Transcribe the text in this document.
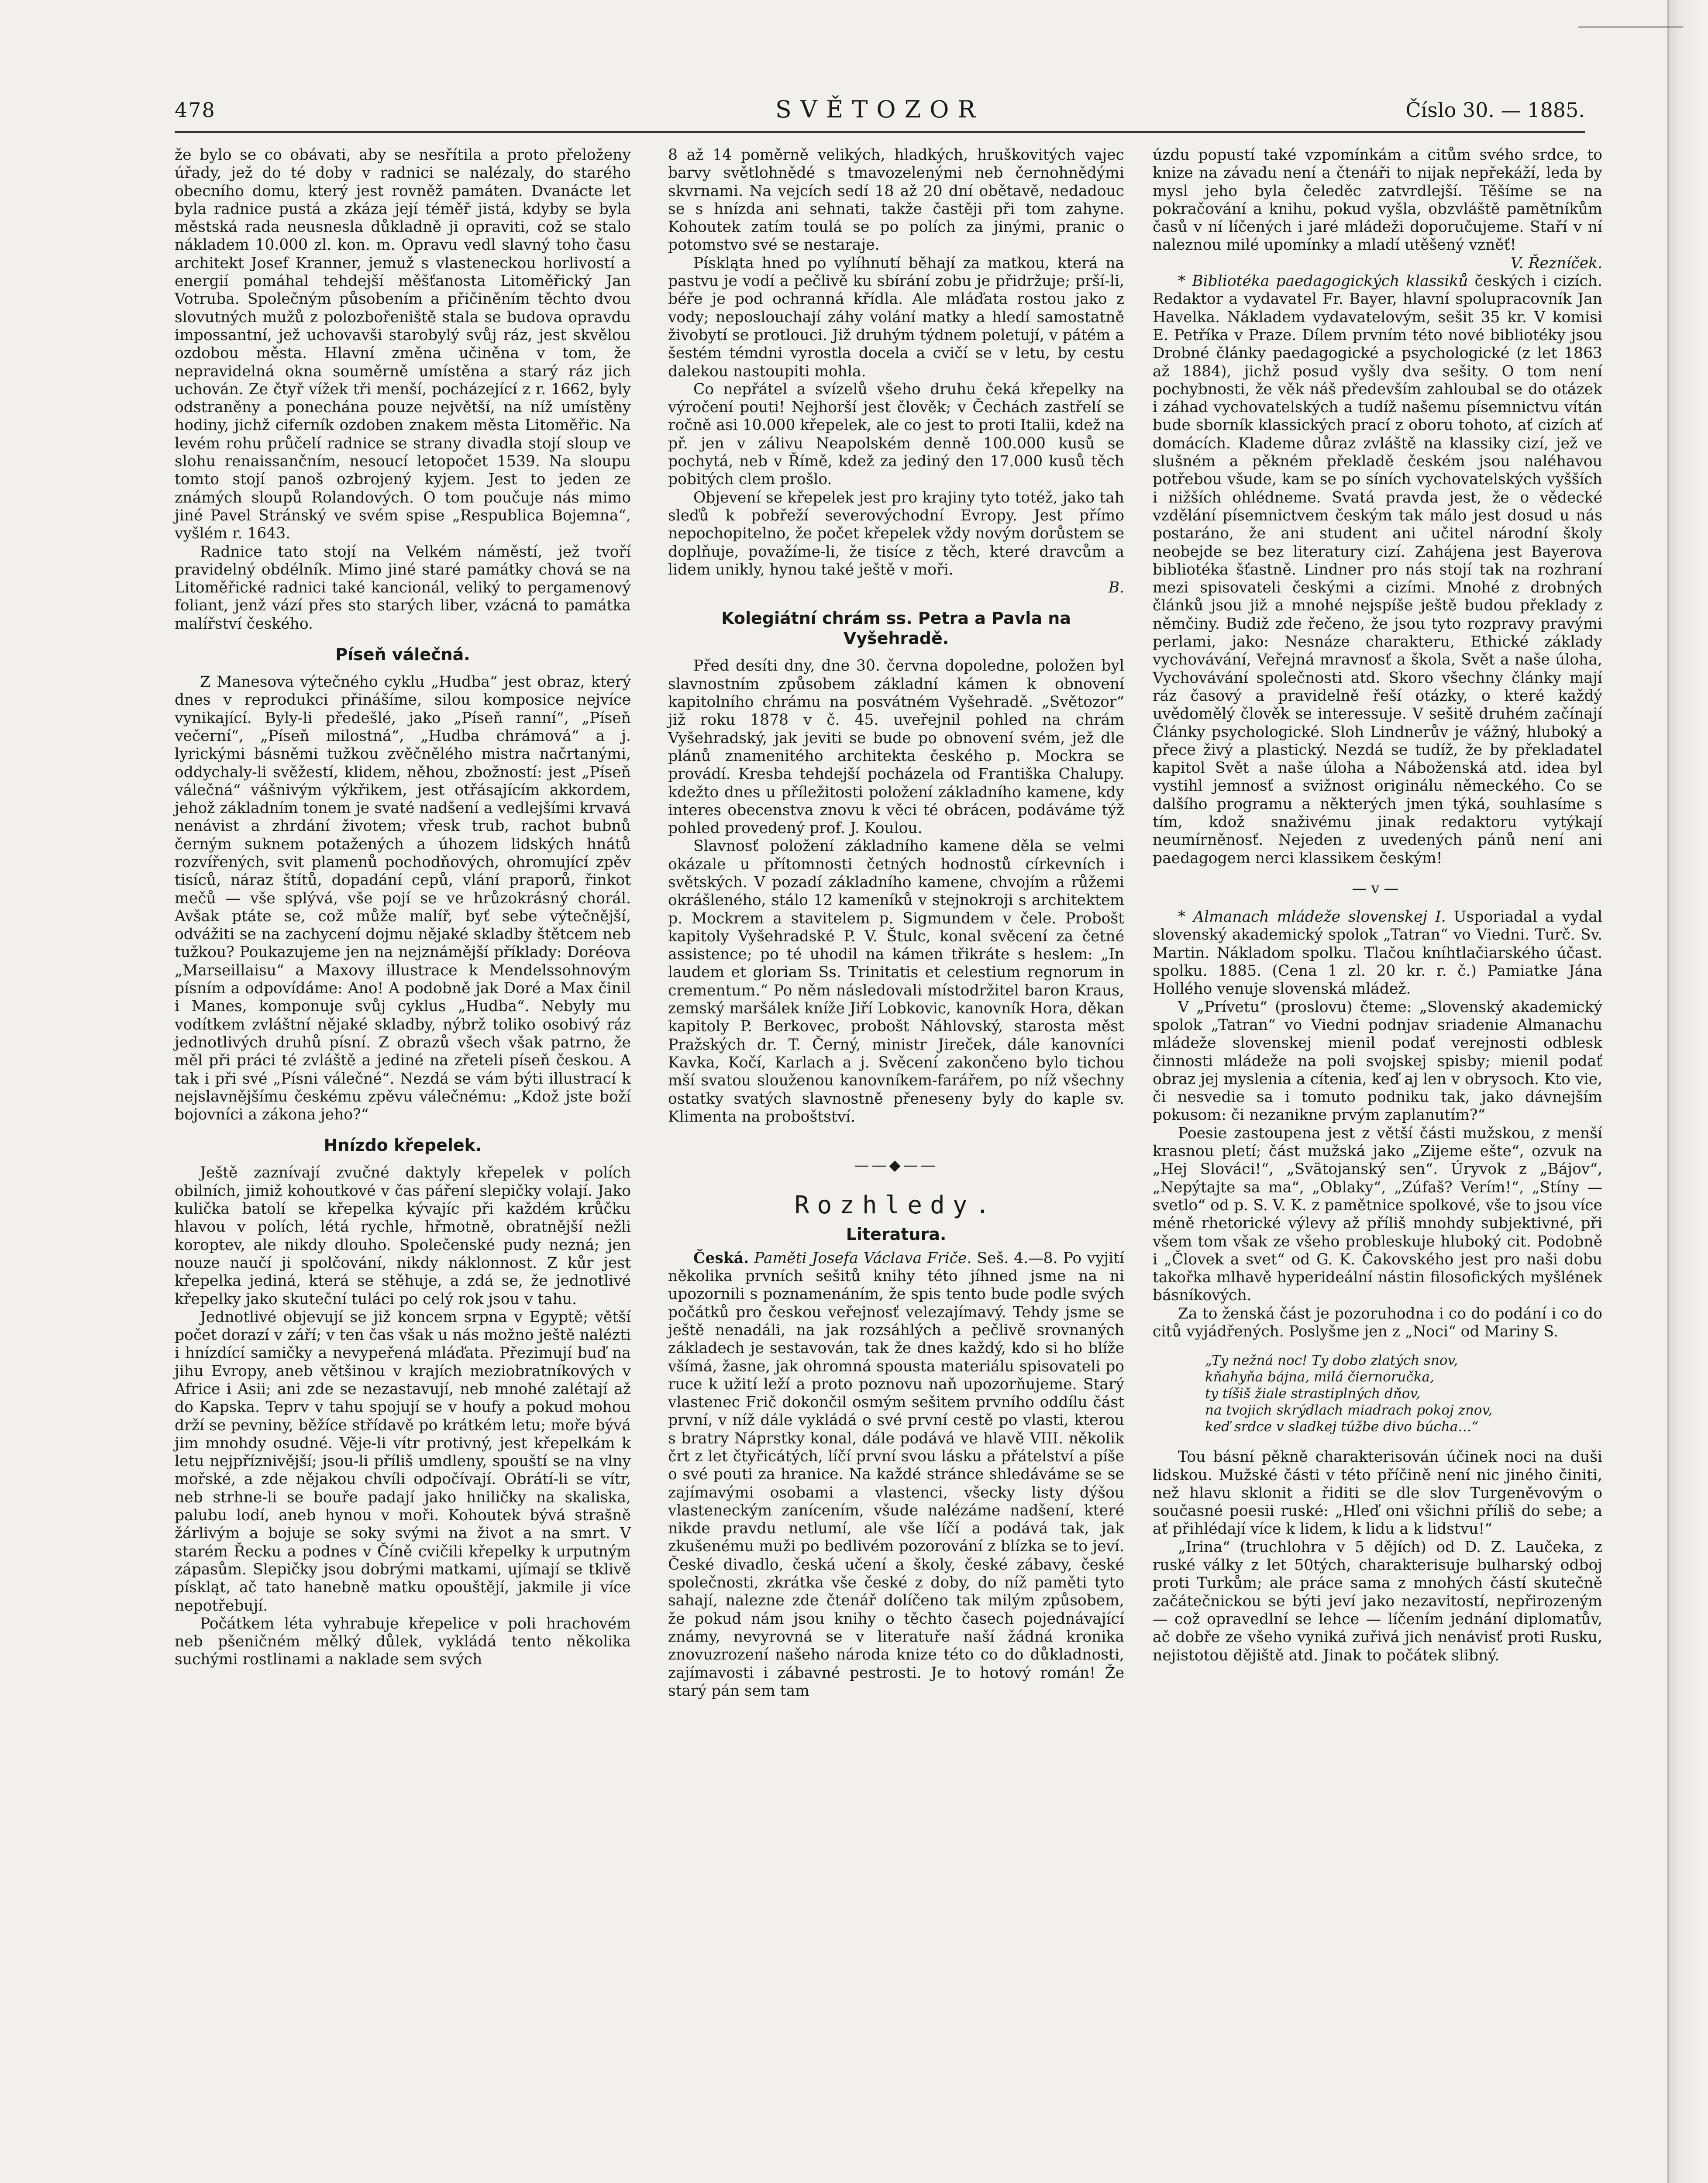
478	SVĚTOZOR	Číslo 30. — 1885.

že bylo se co obávati, aby se nesřítila a proto přeloženy úřady, jež do té doby v radnici se nalézaly, do starého obecního domu, který jest rovněž památen. Dvanácte let byla radnice pustá a zkáza její téměř jistá, kdyby se byla městská rada neusnesla důkladně ji opraviti, což se stalo nákladem 10.000 zl. kon. m. Opravu vedl slavný toho času architekt Josef Kranner, jemuž s vlasteneckou horlivostí a energií pomáhal tehdejší měšťanosta Litoměřický Jan Votruba. Společným působením a přičiněním těchto dvou slovutných mužů z polozbořeniště stala se budova opravdu impossantní, jež uchovavši starobylý svůj ráz, jest skvělou ozdobou města. Hlavní změna učiněna v tom, že nepravidelná okna souměrně umístěna a starý ráz jich uchován. Ze čtyř vížek tři menší, pocházející z r. 1662, byly odstraněny a ponechána pouze největší, na níž umístěny hodiny, jichž ciferník ozdoben znakem města Litoměřic. Na levém rohu průčelí radnice se strany divadla stojí sloup ve slohu renaissančním, nesoucí letopočet 1539. Na sloupu tomto stojí panoš ozbrojený kyjem. Jest to jeden ze známých sloupů Rolandových. O tom poučuje nás mimo jiné Pavel Stránský ve svém spise „Respublica Bojemna“, vyšlém r. 1643.

Radnice tato stojí na Velkém náměstí, jež tvoří pravidelný obdélník. Mimo jiné staré památky chová se na Litoměřické radnici také kancionál, veliký to pergamenový foliant, jenž vází přes sto starých liber, vzácná to památka malířství českého.

Píseň válečná.

Z Manesova výtečného cyklu „Hudba“ jest obraz, který dnes v reprodukci přinášíme, silou komposice nejvíce vynikající. Byly-li předešlé, jako „Píseň ranní“, „Píseň večerní“, „Píseň milostná“, „Hudba chrámová“ a j. lyrickými básněmi tužkou zvěčnělého mistra načrtanými, oddychaly-li svěžestí, klidem, něhou, zbožností: jest „Píseň válečná“ vášnivým výkřikem, jest otřásajícím akkordem, jehož základním tonem je svaté nadšení a vedlejšími krvavá nenávist a zhrdání životem; vřesk trub, rachot bubnů černým suknem potažených a úhozem lidských hnátů rozvířených, svit plamenů pochodňových, ohromující zpěv tisíců, náraz štítů, dopadání cepů, vlání praporů, řinkot mečů — vše splývá, vše pojí se ve hrůzokrásný chorál. Avšak ptáte se, což může malíř, byť sebe výtečnější, odvážiti se na zachycení dojmu nějaké skladby štětcem neb tužkou? Poukazujeme jen na nejznámější příklady: Doréova „Marseillaisu“ a Maxovy illustrace k Mendelssohnovým písním a odpovídáme: Ano! A podobně jak Doré a Max činil i Manes, komponuje svůj cyklus „Hudba“. Nebyly mu vodítkem zvláštní nějaké skladby, nýbrž toliko osobivý ráz jednotlivých druhů písní. Z obrazů všech však patrno, že měl při práci té zvláště a jediné na zřeteli píseň českou. A tak i při své „Písni válečné“. Nezdá se vám býti illustrací k nejslavnějšímu českému zpěvu válečnému: „Kdož jste boží bojovníci a zákona jeho?“

Hnízdo křepelek.

Ještě zaznívají zvučné daktyly křepelek v polích obilních, jimiž kohoutkové v čas páření slepičky volají. Jako kulička batolí se křepelka kývajíc při každém krůčku hlavou v polích, létá rychle, hřmotně, obratnější nežli koroptev, ale nikdy dlouho. Společenské pudy nezná; jen nouze naučí ji spolčování, nikdy náklonnost. Z kůr jest křepelka jediná, která se stěhuje, a zdá se, že jednotlivé křepelky jako skuteční tuláci po celý rok jsou v tahu.

Jednotlivé objevují se již koncem srpna v Egyptě; větší počet dorazí v září; v ten čas však u nás možno ještě nalézti i hnízdící samičky a nevypeřená mláďata. Přezimují buď na jihu Evropy, aneb většinou v krajích meziobratníkových v Africe i Asii; ani zde se nezastavují, neb mnohé zalétají až do Kapska. Teprv v tahu spojují se v houfy a pokud mohou drží se pevniny, běžíce střídavě po krátkém letu; moře bývá jim mnohdy osudné. Věje-li vítr protivný, jest křepelkám k letu nejpříznivější; jsou-li příliš umdleny, spouští se na vlny mořské, a zde nějakou chvíli odpočívají. Obrátí-li se vítr, neb strhne-li se bouře padají jako hniličky na skaliska, palubu lodí, aneb hynou v moři. Kohoutek bývá strašně žárlivým a bojuje se soky svými na život a na smrt. V starém Řecku a podnes v Číně cvičili křepelky k urputným zápasům. Slepičky jsou dobrými matkami, ujímají se tklivě pískląt, ač tato hanebně matku opouštějí, jakmile ji více nepotřebují.

Počátkem léta vyhrabuje křepelice v poli hrachovém neb pšeničném mělký důlek, vykládá tento několika suchými rostlinami a naklade sem svých

8 až 14 poměrně velikých, hladkých, hruškovitých vajec barvy světlohnědé s tmavozelenými neb černohnědými skvrnami. Na vejcích sedí 18 až 20 dní obětavě, nedadouc se s hnízda ani sehnati, takže častěji při tom zahyne. Kohoutek zatím toulá se po polích za jinými, pranic o potomstvo své se nestaraje.

Pískląta hned po vylíhnutí běhají za matkou, která na pastvu je vodí a pečlivě ku sbírání zobu je přidržuje; prší-li, béře je pod ochranná křídla. Ale mláďata rostou jako z vody; neposlouchají záhy volání matky a hledí samostatně živobytí se protlouci. Již druhým týdnem poletují, v pátém a šestém témdni vyrostla docela a cvičí se v letu, by cestu dalekou nastoupiti mohla.

Co nepřátel a svízelů všeho druhu čeká křepelky na výročení pouti! Nejhorší jest člověk; v Čechách zastřelí se ročně asi 10.000 křepelek, ale co jest to proti Italii, kdež na př. jen v zálivu Neapolském denně 100.000 kusů se pochytá, neb v Římě, kdež za jediný den 17.000 kusů těch pobitých clem prošlo.

Objevení se křepelek jest pro krajiny tyto totéž, jako tah sleďů k pobřeží severovýchodní Evropy. Jest přímo nepochopitelno, že počet křepelek vždy novým dorůstem se doplňuje, považíme-li, že tisíce z těch, které dravcům a lidem unikly, hynou také ještě v moři.

B.
Kolegiátní chrám ss. Petra a Pavla na Vyšehradě.

Před desíti dny, dne 30. června dopoledne, položen byl slavnostním způsobem základní kámen k obnovení kapitolního chrámu na posvátném Vyšehradě. „Světozor“ již roku 1878 v č. 45. uveřejnil pohled na chrám Vyšehradský, jak jeviti se bude po obnovení svém, jež dle plánů znamenitého architekta českého p. Mockra se provádí. Kresba tehdejší pocházela od Františka Chalupy. kdežto dnes u příležitosti položení základního kamene, kdy interes obecenstva znovu k věci té obrácen, podáváme týž pohled provedený prof. J. Koulou.

Slavnosť položení základního kamene děla se velmi okázale u přítomnosti četných hodnostů církevních i světských. V pozadí základního kamene, chvojím a růžemi okrášleného, stálo 12 kameníků v stejnokroji s architektem p. Mockrem a stavitelem p. Sigmundem v čele. Probošt kapitoly Vyšehradské P. V. Štulc, konal svěcení za četné assistence; po té uhodil na kámen třikráte s heslem: „In laudem et gloriam Ss. Trinitatis et celestium regnorum in crementum.“ Po něm následovali místodržitel baron Kraus, zemský maršálek kníže Jiří Lobkovic, kanovník Hora, děkan kapitoly P. Berkovec, probošt Náhlovský, starosta měst Pražských dr. T. Černý, ministr Jireček, dále kanovníci Kavka, Kočí, Karlach a j. Svěcení zakončeno bylo tichou mší svatou slouženou kanovníkem-farářem, po níž všechny ostatky svatých slavnostně přeneseny byly do kaple sv. Klimenta na proboštství.

——◆——
Rozhledy.
Literatura.

Česká. Paměti Josefa Václava Friče. Seš. 4.—8. Po vyjití několika prvních sešitů knihy této jíhned jsme na ni upozornili s poznamenáním, že spis tento bude podle svých počátků pro českou veřejnosť velezajímavý. Tehdy jsme se ještě nenadáli, na jak rozsáhlých a pečlivě srovnaných základech je sestavován, tak že dnes každý, kdo si ho blíže všímá, žasne, jak ohromná spousta materiálu spisovateli po ruce k užití leží a proto poznovu naň upozorňujeme. Starý vlastenec Frič dokončil osmým sešitem prvního oddílu část první, v níž dále vykládá o své první cestě po vlasti, kterou s bratry Náprstky konal, dále podává ve hlavě VIII. několik črt z let čtyřicátých, líčí první svou lásku a přátelství a píše o své pouti za hranice. Na každé stránce shledáváme se se zajímavými osobami a vlastenci, všecky listy dýšou vlasteneckým zanícením, všude nalézáme nadšení, které nikde pravdu netlumí, ale vše líčí a podává tak, jak zkušenému muži po bedlivém pozorování z blízka se to jeví. České divadlo, česká učení a školy, české zábavy, české společnosti, zkrátka vše české z doby, do níž paměti tyto sahají, nalezne zde čtenář dolíčeno tak milým způsobem, že pokud nám jsou knihy o těchto časech pojednávající známy, nevyrovná se v literatuře naší žádná kronika znovuzrození našeho národa knize této co do důkladnosti, zajímavosti i zábavné pestrosti. Je to hotový román! Že starý pán sem tam

úzdu popustí také vzpomínkám a citům svého srdce, to knize na závadu není a čtenáři to nijak nepřekáží, leda by mysl jeho byla čeleděc zatvrdlejší. Těšíme se na pokračování a knihu, pokud vyšla, obzvláště pamětníkům časů v ní líčených i jaré mládeži doporučujeme. Staří v ní naleznou milé upomínky a mladí utěšený vzněť!

V. Řezníček.

* Bibliotéka paedagogických klassiků českých i cizích. Redaktor a vydavatel Fr. Bayer, hlavní spolupracovník Jan Havelka. Nákladem vydavatelovým, sešit 35 kr. V komisi E. Petříka v Praze. Dílem prvním této nové bibliotéky jsou Drobné články paedagogické a psychologické (z let 1863 až 1884), jichž posud vyšly dva sešity. O tom není pochybnosti, že věk náš především zahloubal se do otázek i záhad vychovatelských a tudíž našemu písemnictvu vítán bude sborník klassických prací z oboru tohoto, ať cizích ať domácích. Klademe důraz zvláště na klassiky cizí, jež ve slušném a pěkném překladě českém jsou naléhavou potřebou všude, kam se po síních vychovatelských vyšších i nižších ohlédneme. Svatá pravda jest, že o vědecké vzdělání písemnictvem českým tak málo jest dosud u nás postaráno, že ani student ani učitel národní školy neobejde se bez literatury cizí. Zahájena jest Bayerova bibliotéka šťastně. Lindner pro nás stojí tak na rozhraní mezi spisovateli českými a cizími. Mnohé z drobných článků jsou již a mnohé nejspíše ještě budou překlady z němčiny. Budiž zde řečeno, že jsou tyto rozpravy pravými perlami, jako: Nesnáze charakteru, Ethické základy vychovávání, Veřejná mravnosť a škola, Svět a naše úloha, Vychovávání společnosti atd. Skoro všechny články mají ráz časový a pravidelně řeší otázky, o které každý uvědomělý člověk se interessuje. V sešitě druhém začínají Články psychologické. Sloh Lindnerův je vážný, hluboký a přece živý a plastický. Nezdá se tudíž, že by překladatel kapitol Svět a naše úloha a Náboženská atd. idea byl vystihl jemnosť a svižnost originálu německého. Co se dalšího programu a některých jmen týká, souhlasíme s tím, kdož snaživému jinak redaktoru vytýkají neumírněnosť. Nejeden z uvedených pánů není ani paedagogem nerci klassikem českým!

—v—

* Almanach mládeže slovenskej I. Usporiadal a vydal slovenský akademický spolok „Tatran“ vo Viedni. Turč. Sv. Martin. Nákladom spolku. Tlačou kníhtlačiarského účast. spolku. 1885. (Cena 1 zl. 20 kr. r. č.) Pamiatke Jána Hollého venuje slovenská mládež.

V „Prívetu“ (proslovu) čteme: „Slovenský akademický spolok „Tatran“ vo Viedni podnjav sriadenie Almanachu mládeže slovenskej mienil podať verejnosti odblesk činnosti mládeže na poli svojskej spisby; mienil podať obraz jej myslenia a cítenia, keď aj len v obrysoch. Kto vie, či nesvedie sa i tomuto podniku tak, jako dávnejším pokusom: či nezanikne prvým zaplanutím?“

Poesie zastoupena jest z větší části mužskou, z menší krasnou pletí; část mužská jako „Zijeme ešte“, ozvuk na „Hej Slováci!“, „Svätojanský sen“. Úryvok z „Bájov“, „Nepýtajte sa ma“, „Oblaky“, „Zúfaš? Verím!“, „Stíny — svetlo“ od p. S. V. K. z pamětnice spolkové, vše to jsou více méně rhetorické výlevy až příliš mnohdy subjektivné, při všem tom však ze všeho probleskuje hluboký cit. Podobně i „Človek a svet“ od G. K. Čakovského jest pro naši dobu takořka mlhavě hyperideální nástin filosofických myšlének básníkových.

Za to ženská část je pozoruhodna i co do podání i co do citů vyjádřených. Poslyšme jen z „Noci“ od Mariny S.

„Ty nežná noc! Ty dobo zlatých snov,
kňahyňa bájna, milá čiernoručka,
ty tíšiš žiale strastiplných dňov,
na tvojich skrýdlach miadrach pokoj znov,
keď srdce v sladkej túžbe divo búcha…“

Tou básní pěkně charakterisován účinek noci na duši lidskou. Mužské části v této příčině není nic jiného činiti, než hlavu sklonit a řiditi se dle slov Turgeněvovým o současné poesii ruské: „Hleď oni všichni příliš do sebe; a ať přihlédají více k lidem, k lidu a k lidstvu!“

„Irina“ (truchlohra v 5 dějích) od D. Z. Laučeka, z ruské války z let 50tých, charakterisuje bulharský odboj proti Turkům; ale práce sama z mnohých částí skutečně začátečnickou se býti jeví jako nezavitostí, nepřirozeným — což opravedlní se lehce — líčením jednání diplomatův, ač dobře ze všeho vyniká zuřivá jich nenávisť proti Rusku, nejistotou dějiště atd. Jinak to počátek slibný.
